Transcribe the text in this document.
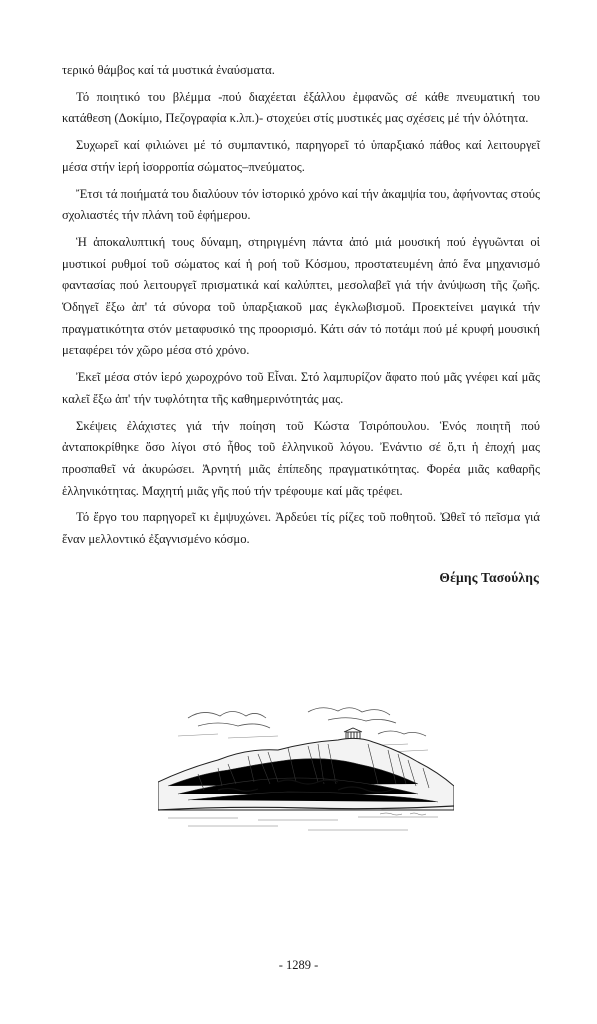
τερικό θάμβος καί τά μυστικά ἐναύσματα.

Τό ποιητικό του βλέμμα -πού διαχέεται ἐξάλλου ἐμφανῶς σέ κάθε πνευματική του κατάθεση (Δοκίμιο, Πεζογραφία κ.λπ.)- στοχεύει στίς μυστικές μας σχέσεις μέ τήν ὁλότητα.

Συχωρεῖ καί φιλιώνει μέ τό συμπαντικό, παρηγορεῖ τό ὑπαρξιακό πάθος καί λειτουργεῖ μέσα στήν ἱερή ἰσορροπία σώματος–πνεύματος.

Ἔτσι τά ποιήματά του διαλύουν τόν ἱστορικό χρόνο καί τήν ἀκαμψία του, ἀφήνοντας στούς σχολιαστές τήν πλάνη τοῦ ἐφήμερου.

Ἡ ἀποκαλυπτική τους δύναμη, στηριγμένη πάντα ἀπό μιά μουσική πού ἐγγυῶνται οἱ μυστικοί ρυθμοί τοῦ σώματος καί ἡ ροή τοῦ Κόσμου, προστατευμένη ἀπό ἕνα μηχανισμό φαντασίας πού λειτουργεῖ πρισματικά καί καλύπτει, μεσολαβεῖ γιά τήν ἀνύψωση τῆς ζωῆς. Ὁδηγεῖ ἔξω ἀπ' τά σύνορα τοῦ ὑπαρξιακοῦ μας ἐγκλωβισμοῦ. Προεκτείνει μαγικά τήν πραγματικότητα στόν μεταφυσικό της προορισμό. Κάτι σάν τό ποτάμι πού μέ κρυφή μουσική μεταφέρει τόν χῶρο μέσα στό χρόνο.

Ἐκεῖ μέσα στόν ἱερό χωροχρόνο τοῦ Εἶναι. Στό λαμπυρίζον ἄφατο πού μᾶς γνέφει καί μᾶς καλεῖ ἔξω ἀπ' τήν τυφλότητα τῆς καθημερινότητάς μας.

Σκέψεις ἐλάχιστες γιά τήν ποίηση τοῦ Κώστα Τσιρόπουλου. Ἑνός ποιητῆ πού ἀνταποκρίθηκε ὅσο λίγοι στό ἦθος τοῦ ἑλληνικοῦ λόγου. Ἐνάντιο σέ ὅ,τι ἡ ἐποχή μας προσπαθεῖ νά ἀκυρώσει. Ἀρνητή μιᾶς ἐπίπεδης πραγματικότητας. Φορέα μιᾶς καθαρῆς ἑλληνικότητας. Μαχητή μιᾶς γῆς πού τήν τρέφουμε καί μᾶς τρέφει.

Τό ἔργο του παρηγορεῖ κι ἐμψυχώνει. Ἀρδεύει τίς ρίζες τοῦ ποθητοῦ. Ὠθεῖ τό πεῖσμα γιά ἕναν μελλοντικό ἐξαγνισμένο κόσμο.

Θέμης Τασούλης
- 1289 -
